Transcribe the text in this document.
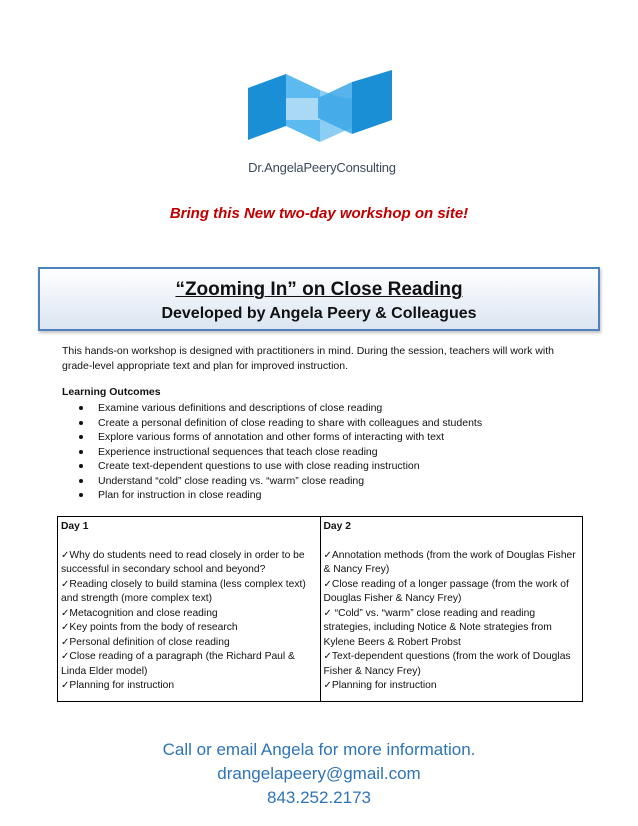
Dr.AngelaPeeryConsulting
Bring this New two-day workshop on site!
“Zooming In” on Close Reading
Developed by Angela Peery & Colleagues
This hands-on workshop is designed with practitioners in mind. During the session, teachers will work with grade-level appropriate text and plan for improved instruction.
Learning Outcomes
Examine various definitions and descriptions of close reading
Create a personal definition of close reading to share with colleagues and students
Explore various forms of annotation and other forms of interacting with text
Experience instructional sequences that teach close reading
Create text-dependent questions to use with close reading instruction
Understand “cold” close reading vs. “warm” close reading
Plan for instruction in close reading
Day 1
✓ Why do students need to read closely in order to be successful in secondary school and beyond?
✓ Reading closely to build stamina (less complex text) and strength (more complex text)
✓ Metacognition and close reading
✓ Key points from the body of research
✓ Personal definition of close reading
✓ Close reading of a paragraph (the Richard Paul & Linda Elder model)
✓ Planning for instruction
Day 2
✓ Annotation methods (from the work of Douglas Fisher & Nancy Frey)
✓ Close reading of a longer passage (from the work of Douglas Fisher & Nancy Frey)
✓ “Cold” vs. “warm” close reading and reading strategies, including Notice & Note strategies from Kylene Beers & Robert Probst
✓ Text-dependent questions (from the work of Douglas Fisher & Nancy Frey)
✓ Planning for instruction
Call or email Angela for more information.
drangelapeery@gmail.com
843.252.2173
